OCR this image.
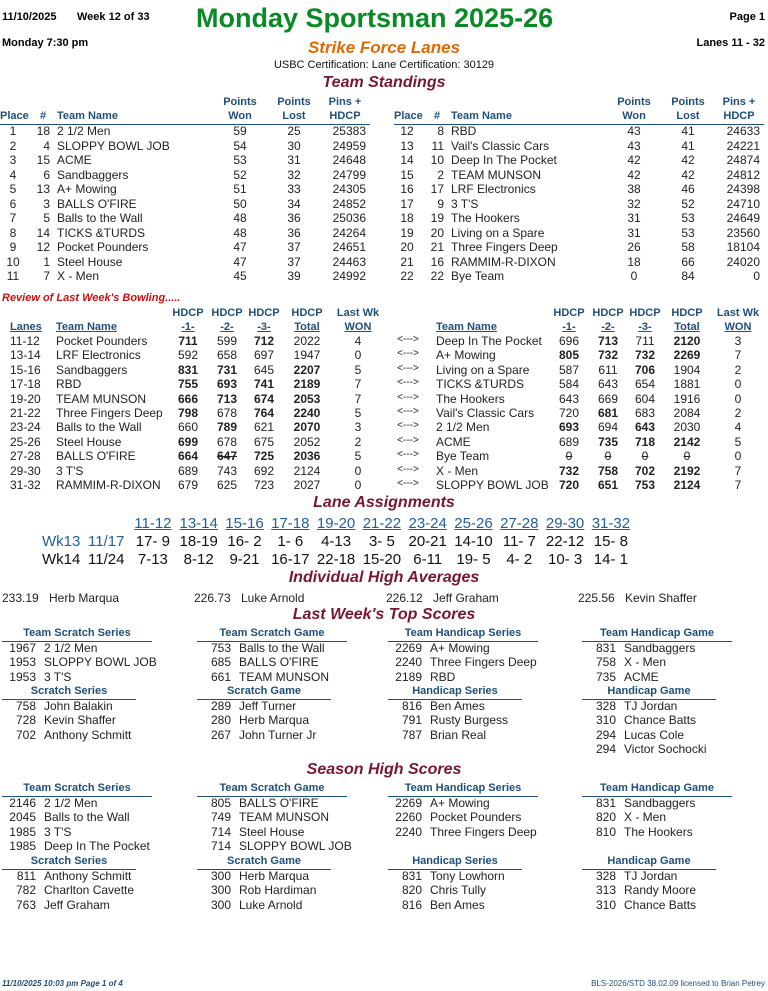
11/10/2025 Week 12 of 33 Monday Sportsman 2025-26	Page 1
Monday 7:30 pm	Strike Force Lanes	Lanes 11 - 32
USBC Certification: Lane Certification: 30129
Team Standings
Points
Won
Points
Lost
Pins +
HDCP
Place	# Team Name
1	18 2 1/2 Men	59	25	25383
2	4 SLOPPY BOWL JOB	54	30	24959
3	15 ACME	53	31	24648
4	6 Sandbaggers	52	32	24799
5	13 A+ Mowing	51	33	24305
6	3 BALLS O'FIRE	50	34	24852
7	5 Balls to the Wall	48	36	25036
8	14 TICKS &TURDS	48	36	24264
9	12 Pocket Pounders	47	37	24651
10	1 Steel House	47	37	24463
11	7 X - Men	45	39	24992
Points
Won
Points
Lost
Pins +
HDCP
Place	# Team Name
12	8 RBD	43	41	24633
13	11 Vail's Classic Cars	43	41	24221
14	10 Deep In The Pocket	42	42	24874
15	2 TEAM MUNSON	42	42	24812
16	17 LRF Electronics	38	46	24398
17	9 3 T'S	32	52	24710
18	19 The Hookers	31	53	24649
19	20 Living on a Spare	31	53	23560
20	21 Three Fingers Deep	26	58	18104
21	16 RAMMIM-R-DIXON	18	66	24020
22	22 Bye Team	0	84	0
Review of Last Week's Bowling.....
Lanes Team Name
HDCP
-1-
HDCP
-2-
HDCP
-3-
HDCP
Total
Last Wk
WON	Team Name
HDCP
-1-
HDCP
-2-
HDCP
-3-
HDCP
Total
Last Wk
WON
11-12 Pocket Pounders	711	599	712	2022	4	<--->	Deep In The Pocket	696	713	711	2120	3
13-14 LRF Electronics	592	658	697	1947	0	<--->	A+ Mowing	805	732	732	2269	7
15-16 Sandbaggers	831	731	645	2207	5	<--->	Living on a Spare	587	611	706	1904	2
17-18 RBD	755	693	741	2189	7	<--->	TICKS &TURDS	584	643	654	1881	0
19-20 TEAM MUNSON	666	713	674	2053	7	<--->	The Hookers	643	669	604	1916	0
21-22 Three Fingers Deep	798	678	764	2240	5	<--->	Vail's Classic Cars	720	681	683	2084	2
23-24 Balls to the Wall	660	789	621	2070	3	<--->	2 1/2 Men	693	694	643	2030	4
25-26 Steel House	699	678	675	2052	2	<--->	ACME	689	735	718	2142	5
27-28 BALLS O'FIRE	664	647	725	2036	5	<--->	Bye Team	0	0	0	0	0
29-30 3 T'S	689	743	692	2124	0	<--->	X - Men	732	758	702	2192	7
31-32 RAMMIM-R-DIXON	679	625	723	2027	0	<--->	SLOPPY BOWL JOB 720	651	753	2124	7
Lane Assignments
11-12 13-14 15-16 17-18 19-20 21-22 23-24 25-26 27-28 29-30 31-32
Wk13 11/17 17- 9 18-19 16- 2	1- 6	4-13	3- 5 20-21 14-10 11- 7 22-12 15- 8
Wk14 11/24 7-13	8-12	9-21 16-17 22-18 15-20 6-11 19- 5	4- 2	10- 3 14- 1
Individual High Averages
233.19 Herb Marqua	226.73 Luke Arnold	226.12 Jeff Graham	225.56 Kevin Shaffer
Last Week's Top Scores
Team Scratch Series
1967 2 1/2 Men
1953 SLOPPY BOWL JOB
1953 3 T'S
Team Scratch Game
753 Balls to the Wall
685 BALLS O'FIRE
661 TEAM MUNSON
Team Handicap Series
2269 A+ Mowing
2240 Three Fingers Deep
2189 RBD
Team Handicap Game
831 Sandbaggers
758 X - Men
735 ACME
Scratch Series
758 John Balakin
728 Kevin Shaffer
702 Anthony Schmitt
Scratch Game
289 Jeff Turner
280 Herb Marqua
267 John Turner Jr
Handicap Series
816 Ben Ames
791 Rusty Burgess
787 Brian Real
Handicap Game
328 TJ Jordan
310 Chance Batts
294 Lucas Cole
294 Victor Sochocki
Season High Scores
Team Scratch Series
2146 2 1/2 Men
2045 Balls to the Wall
1985 3 T'S
1985 Deep In The Pocket
Team Scratch Game
805 BALLS O'FIRE
749 TEAM MUNSON
714 Steel House
714 SLOPPY BOWL JOB
Team Handicap Series
2269 A+ Mowing
2260 Pocket Pounders
2240 Three Fingers Deep
Team Handicap Game
831 Sandbaggers
820 X - Men
810 The Hookers
Scratch Series
811 Anthony Schmitt
782 Charlton Cavette
763 Jeff Graham
Scratch Game
300 Herb Marqua
300 Rob Hardiman
300 Luke Arnold
Handicap Series
831 Tony Lowhorn
820 Chris Tully
816 Ben Ames
Handicap Game
328 TJ Jordan
313 Randy Moore
310 Chance Batts
11/10/2025 10:03 pm Page 1 of 4	BLS-2026/STD 38.02.09 licensed to Brian Petrey
